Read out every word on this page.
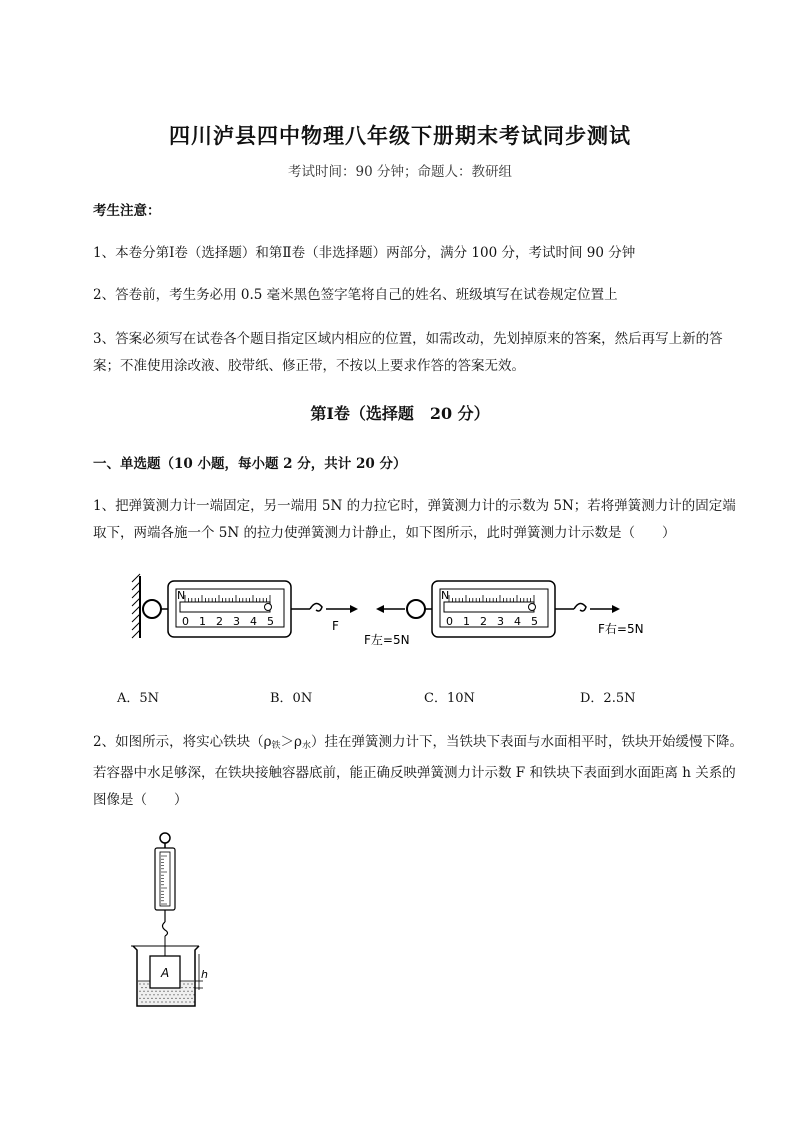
四川泸县四中物理八年级下册期末考试同步测试
考试时间：90 分钟；命题人：教研组
考生注意：
1、本卷分第Ⅰ卷（选择题）和第Ⅱ卷（非选择题）两部分，满分 100 分，考试时间 90 分钟
2、答卷前，考生务必用 0.5 毫米黑色签字笔将自己的姓名、班级填写在试卷规定位置上
3、答案必须写在试卷各个题目指定区域内相应的位置，如需改动，先划掉原来的答案，然后再写上新的答案；不准使用涂改液、胶带纸、修正带，不按以上要求作答的答案无效。
第Ⅰ卷（选择题　20 分）
一、单选题（10 小题，每小题 2 分，共计 20 分）
1、把弹簧测力计一端固定，另一端用 5N 的力拉它时，弹簧测力计的示数为 5N；若将弹簧测力计的固定端取下，两端各施一个 5N 的拉力使弹簧测力计静止，如下图所示，此时弹簧测力计示数是（　　）
N
0 1 2 3 4 5	F
F左=5N
N
0 1 2 3 4 5
F右=5N
A．5N	B．0N	C．10N	D．2.5N
2、如图所示，将实心铁块（ρ铁＞ρ水）挂在弹簧测力计下，当铁块下表面与水面相平时，铁块开始缓慢下降。若容器中水足够深，在铁块接触容器底前，能正确反映弹簧测力计示数 F 和铁块下表面到水面距离 h 关系的图像是（　　）
A	h
